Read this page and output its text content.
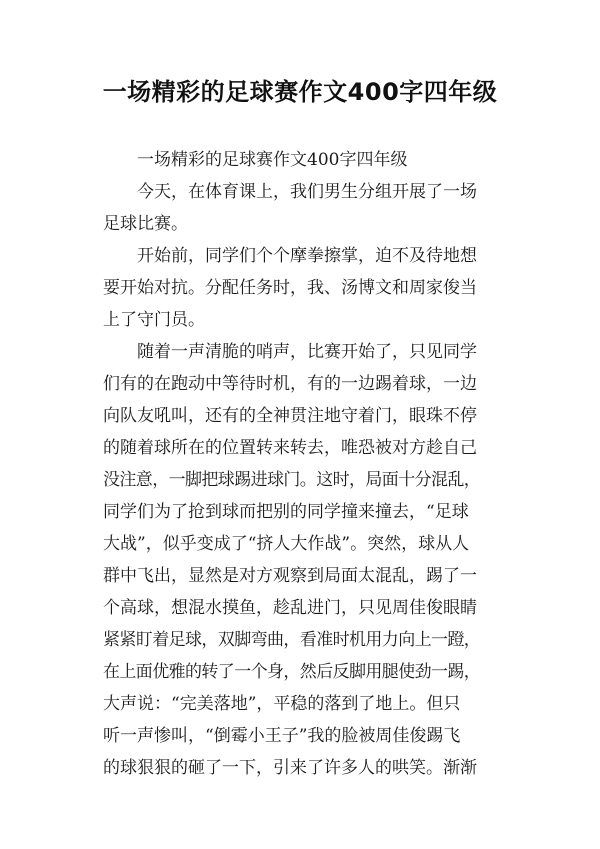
一场精彩的足球赛作文400字四年级
一场精彩的足球赛作文400字四年级
今天，在体育课上，我们男生分组开展了一场
足球比赛。
开始前，同学们个个摩拳擦掌，迫不及待地想
要开始对抗。分配任务时，我、汤博文和周家俊当
上了守门员。
随着一声清脆的哨声，比赛开始了，只见同学
们有的在跑动中等待时机，有的一边踢着球，一边
向队友吼叫，还有的全神贯注地守着门，眼珠不停
的随着球所在的位置转来转去，唯恐被对方趁自己
没注意，一脚把球踢进球门。这时，局面十分混乱，
同学们为了抢到球而把别的同学撞来撞去，“足球
大战”，似乎变成了“挤人大作战”。突然，球从人
群中飞出，显然是对方观察到局面太混乱，踢了一
个高球，想混水摸鱼，趁乱进门，只见周佳俊眼睛
紧紧盯着足球，双脚弯曲，看准时机用力向上一蹬，
在上面优雅的转了一个身，然后反脚用腿使劲一踢，
大声说：“完美落地”，平稳的落到了地上。但只
听一声惨叫，“倒霉小王子”我的脸被周佳俊踢飞
的球狠狠的砸了一下，引来了许多人的哄笑。渐渐
